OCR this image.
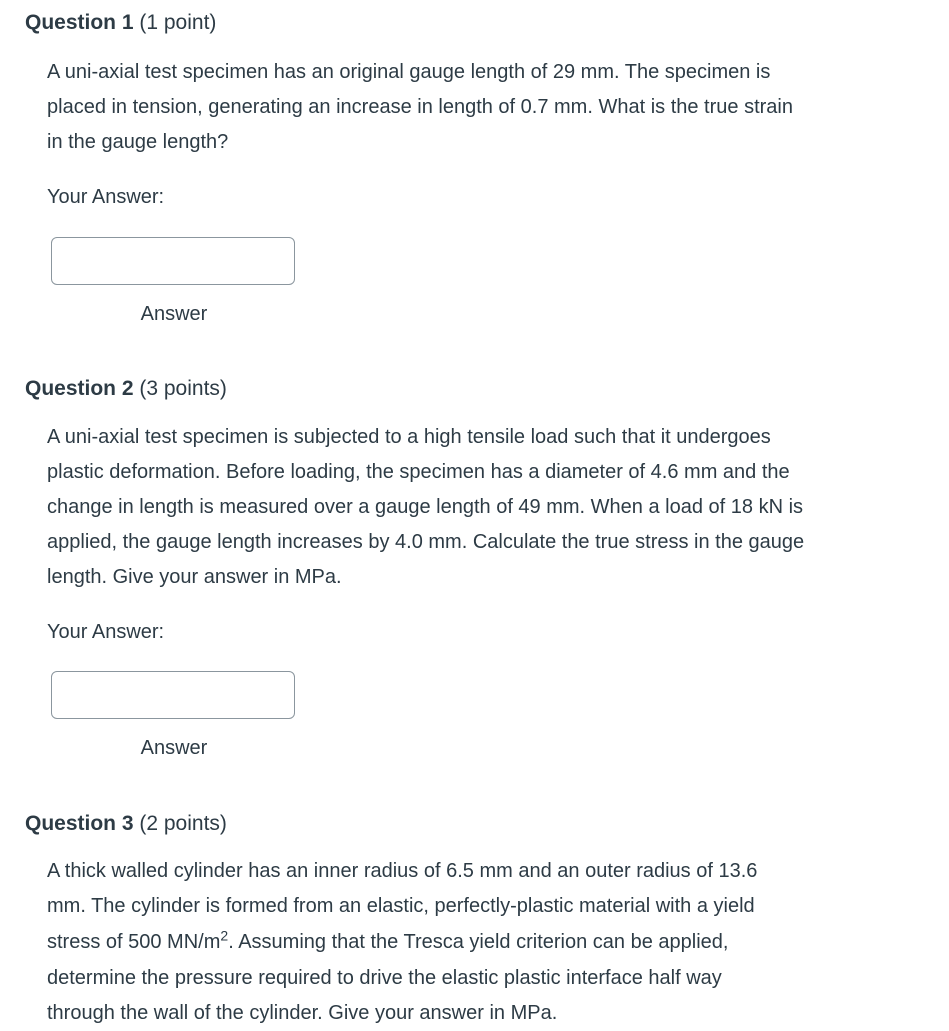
Question 1 (1 point)
A uni-axial test specimen has an original gauge length of 29 mm. The specimen is
placed in tension, generating an increase in length of 0.7 mm. What is the true strain
in the gauge length?
Your Answer:
Answer
Question 2 (3 points)
A uni-axial test specimen is subjected to a high tensile load such that it undergoes
plastic deformation. Before loading, the specimen has a diameter of 4.6 mm and the
change in length is measured over a gauge length of 49 mm. When a load of 18 kN is
applied, the gauge length increases by 4.0 mm. Calculate the true stress in the gauge
length. Give your answer in MPa.
Your Answer:
Answer
Question 3 (2 points)
A thick walled cylinder has an inner radius of 6.5 mm and an outer radius of 13.6
mm. The cylinder is formed from an elastic, perfectly-plastic material with a yield
stress of 500 $MN/m^2$. Assuming that the Tresca yield criterion can be applied,
determine the pressure required to drive the elastic plastic interface half way
through the wall of the cylinder. Give your answer in MPa.
